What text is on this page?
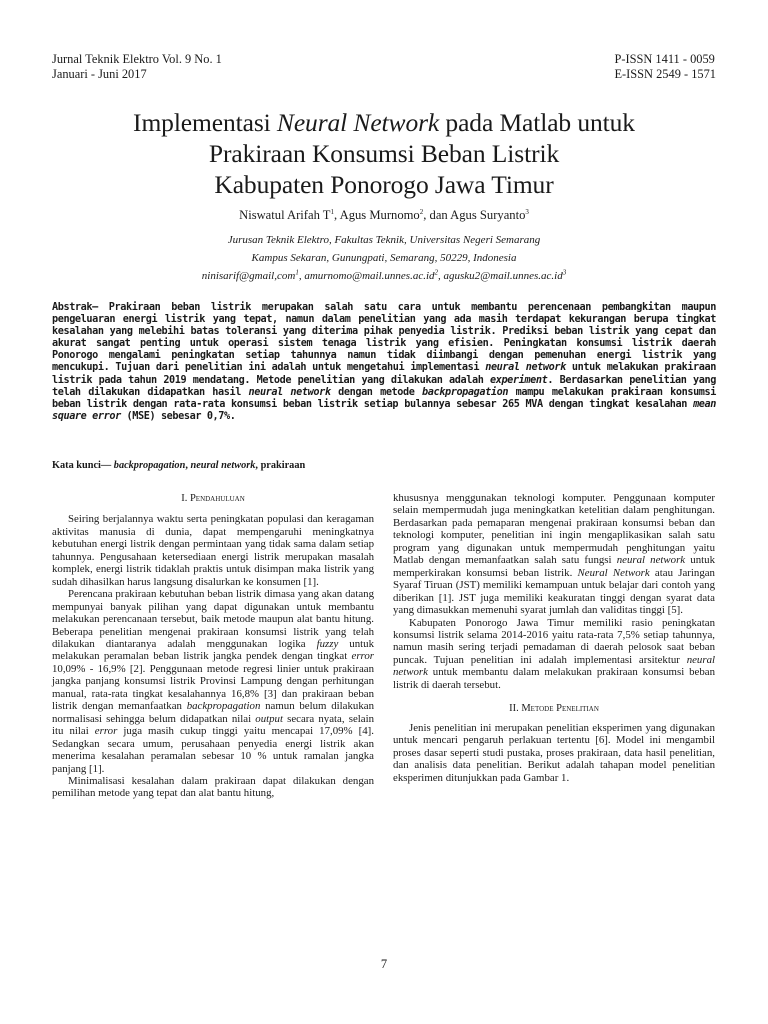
Jurnal Teknik Elektro Vol. 9 No. 1
Januari - Juni 2017
P-ISSN 1411 - 0059
E-ISSN 2549 - 1571
Implementasi Neural Network pada Matlab untuk
Prakiraan Konsumsi Beban Listrik
Kabupaten Ponorogo Jawa Timur
Niswatul Arifah $T^1$, Agus Murnomo$^2$, dan Agus Suryanto$^3$
Jurusan Teknik Elektro, Fakultas Teknik, Universitas Negeri Semarang
Kampus Sekaran, Gunungpati, Semarang, 50229, Indonesia
ninisarif@gmail,com$^1$, $amurnomo@mail.unnes.ac.id^2$, $agusku2@mail.unnes.ac.id^3$
Abstrak— Prakiraan beban listrik merupakan salah satu cara untuk membantu perencenaan pembangkitan maupun pengeluaran energi listrik yang tepat, namun dalam penelitian yang ada masih terdapat kekurangan berupa tingkat kesalahan yang melebihi batas toleransi yang diterima pihak penyedia listrik. Prediksi beban listrik yang cepat dan akurat sangat penting untuk operasi sistem tenaga listrik yang efisien. Peningkatan konsumsi listrik daerah Ponorogo mengalami peningkatan setiap tahunnya namun tidak diimbangi dengan pemenuhan energi listrik yang mencukupi. Tujuan dari penelitian ini adalah untuk mengetahui implementasi neural network untuk melakukan prakiraan listrik pada tahun 2019 mendatang. Metode penelitian yang dilakukan adalah experiment. Berdasarkan penelitian yang telah dilakukan didapatkan hasil neural network dengan metode backpropagation mampu melakukan prakiraan konsumsi beban listrik dengan rata-rata konsumsi beban listrik setiap bulannya sebesar 265 MVA dengan tingkat kesalahan mean square error (MSE) sebesar 0,7%.
Kata kunci— backpropagation, neural network, prakiraan
I. Pendahuluan

Seiring berjalannya waktu serta peningkatan populasi dan keragaman aktivitas manusia di dunia, dapat mempengaruhi meningkatnya kebutuhan energi listrik dengan permintaan yang tidak sama dalam setiap tahunnya. Pengusahaan ketersediaan energi listrik merupakan masalah komplek, energi listrik tidaklah praktis untuk disimpan maka listrik yang sudah dihasilkan harus langsung disalurkan ke konsumen [1].

Perencana prakiraan kebutuhan beban listrik dimasa yang akan datang mempunyai banyak pilihan yang dapat digunakan untuk membantu melakukan perencanaan tersebut, baik metode maupun alat bantu hitung. Beberapa penelitian mengenai prakiraan konsumsi listrik yang telah dilakukan diantaranya adalah menggunakan logika fuzzy untuk melakukan peramalan beban listrik jangka pendek dengan tingkat error 10,09% - 16,9% [2]. Penggunaan metode regresi linier untuk prakiraan jangka panjang konsumsi listrik Provinsi Lampung dengan perhitungan manual, rata-rata tingkat kesalahannya 16,8% [3] dan prakiraan beban listrik dengan memanfaatkan backpropagation namun belum dilakukan normalisasi sehingga belum didapatkan nilai output secara nyata, selain itu nilai error juga masih cukup tinggi yaitu mencapai 17,09% [4]. Sedangkan secara umum, perusahaan penyedia energi listrik akan menerima kesalahan peramalan sebesar 10 % untuk ramalan jangka panjang [1].

Minimalisasi kesalahan dalam prakiraan dapat dilakukan dengan pemilihan metode yang tepat dan alat bantu hitung,

khususnya menggunakan teknologi komputer. Penggunaan komputer selain mempermudah juga meningkatkan ketelitian dalam penghitungan. Berdasarkan pada pemaparan mengenai prakiraan konsumsi beban dan teknologi komputer, penelitian ini ingin mengaplikasikan salah satu program yang digunakan untuk mempermudah penghitungan yaitu Matlab dengan memanfaatkan salah satu fungsi neural network untuk memperkirakan konsumsi beban listrik. Neural Network atau Jaringan Syaraf Tiruan (JST) memiliki kemampuan untuk belajar dari contoh yang diberikan [1]. JST juga memiliki keakuratan tinggi dengan syarat data yang dimasukkan memenuhi syarat jumlah dan validitas tinggi [5].

Kabupaten Ponorogo Jawa Timur memiliki rasio peningkatan konsumsi listrik selama 2014-2016 yaitu rata-rata 7,5% setiap tahunnya, namun masih sering terjadi pemadaman di daerah pelosok saat beban puncak. Tujuan penelitian ini adalah implementasi arsitektur neural network untuk membantu dalam melakukan prakiraan konsumsi beban listrik di daerah tersebut.

II. Metode Penelitian

Jenis penelitian ini merupakan penelitian eksperimen yang digunakan untuk mencari pengaruh perlakuan tertentu [6]. Model ini mengambil proses dasar seperti studi pustaka, proses prakiraan, data hasil penelitian, dan analisis data penelitian. Berikut adalah tahapan model penelitian eksperimen ditunjukkan pada Gambar 1.

7
